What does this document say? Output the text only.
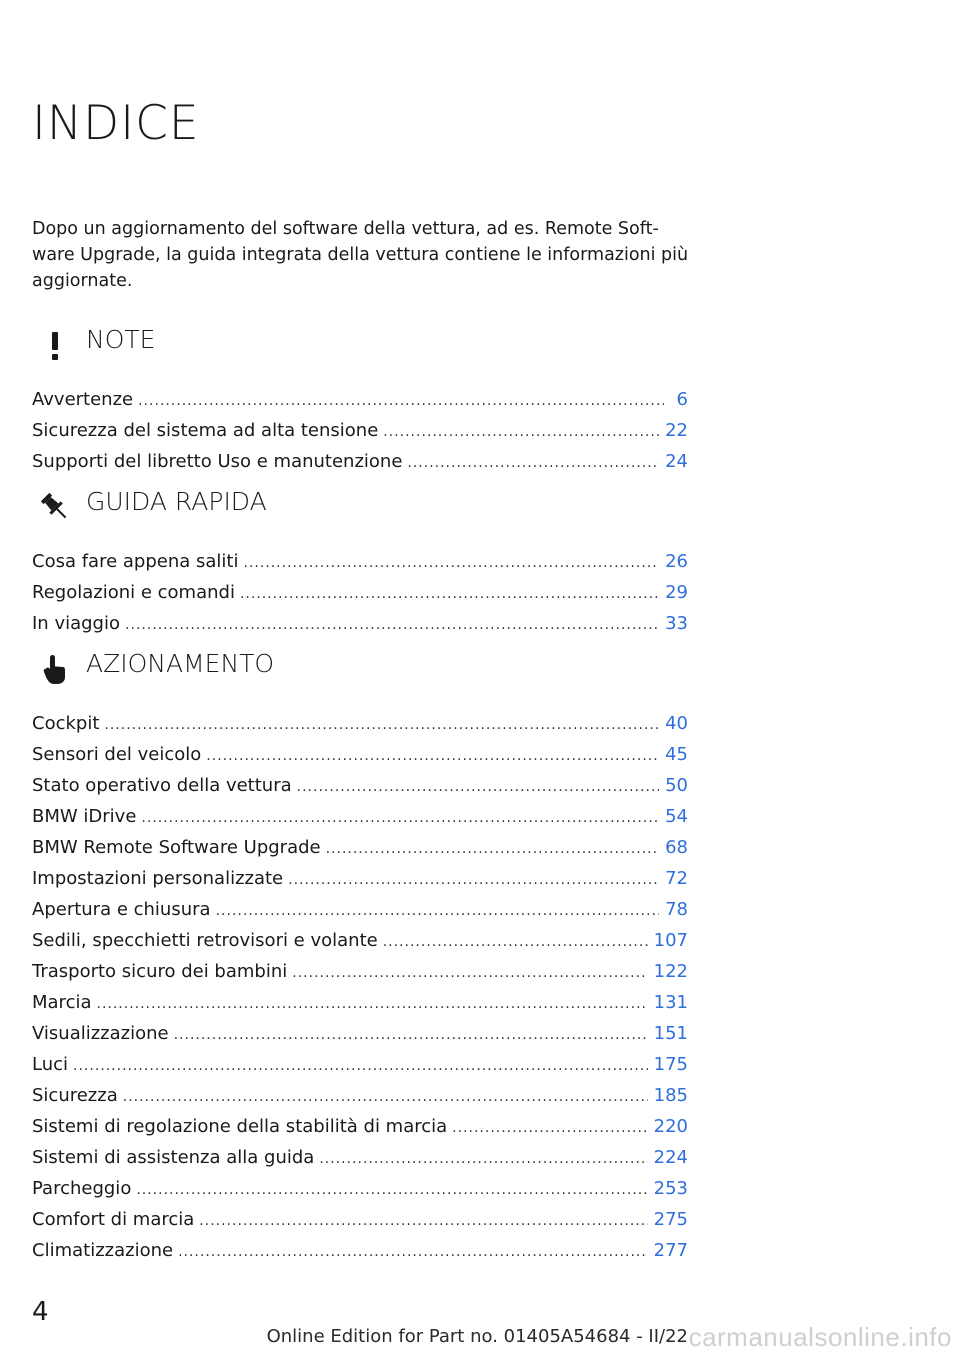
INDICE
Dopo un aggiornamento del software della vettura, ad es. Remote Soft‐
ware Upgrade, la guida integrata della vettura contiene le informazioni più
aggiornate.
NOTE
Avvertenze .....	6
Sicurezza del sistema ad alta tensione .....	22
Supporti del libretto Uso e manutenzione .....	24
GUIDA RAPIDA
Cosa fare appena saliti .....	26
Regolazioni e comandi .....	29
In viaggio .....	33
AZIONAMENTO
Cockpit .....	40
Sensori del veicolo .....	45
Stato operativo della vettura .....	50
BMW iDrive .....	54
BMW Remote Software Upgrade .....	68
Impostazioni personalizzate .....	72
Apertura e chiusura .....	78
Sedili, specchietti retrovisori e volante .....	107
Trasporto sicuro dei bambini .....	122
Marcia .....	131
Visualizzazione .....	151
Luci .....	175
Sicurezza .....	185
Sistemi di regolazione della stabilità di marcia .....	220
Sistemi di assistenza alla guida .....	224
Parcheggio .....	253
Comfort di marcia .....	275
Climatizzazione .....	277
4
Online Edition for Part no. 01405A54684 - II/22 carmanualsonline.info
